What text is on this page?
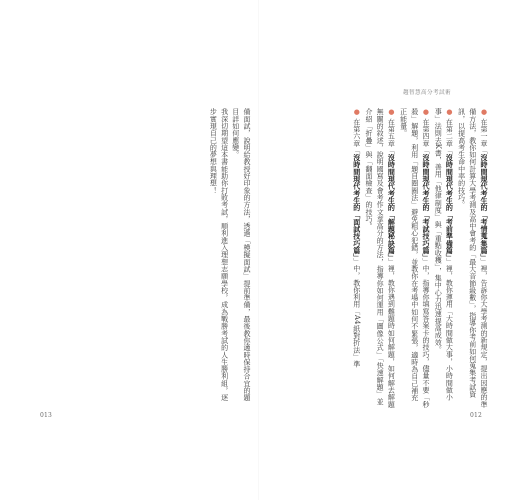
趨智慧高分考試術

●在第一章「沒時間規代考生的「考情蒐集篇」」裡，告訴你大學考測的新規定，提出因應的準備方法，教你如何計算大學考測及高中會考的「最大音節級數」，指導你考前如何蒐集考試資訊，以提高考生命中率的技巧。

●在第二章「沒時間現代考生的「考前準備篇」」裡，教你運用「大時間做大事，小時間做小事」法則去K書，善用「他律制度」與「重點收穫」，集中心力迅速提高成效。

●在第四章「沒時間現代考生的「考試技巧篇」」中，指導你填寫答案卡的技巧，儘量不要「秒殺」解題，利用「題目圈圈法」避免粗心犯錯，並教你在考場中如何不緊張，適時為自己補充正能量。

●在第五章「沒時間現代考生的「解題秘訣篇」」裡，教你遇到難題時如何解題，如何解去解題無關的敘述，說明國寫及會考作文拿高分的方法，指導你如何運用「圖像公式」「快速解題」並介紹「折疊」與「翻面檢查」的技巧。

●在第六章「沒時間現代考生的「面試技巧篇」」中，教你利用「A4紙對折法」準

備面試，說明給教授好印象的方法，透過「模擬面試」提前準備，最後教你適時保持合宜的題目詳如何應變。

我深切期望這本書能助你打敗考試，順利進入理想志願學校，成為戰勝考試的人生勝利組，逐步實現自己的夢想與理想！

013	012
